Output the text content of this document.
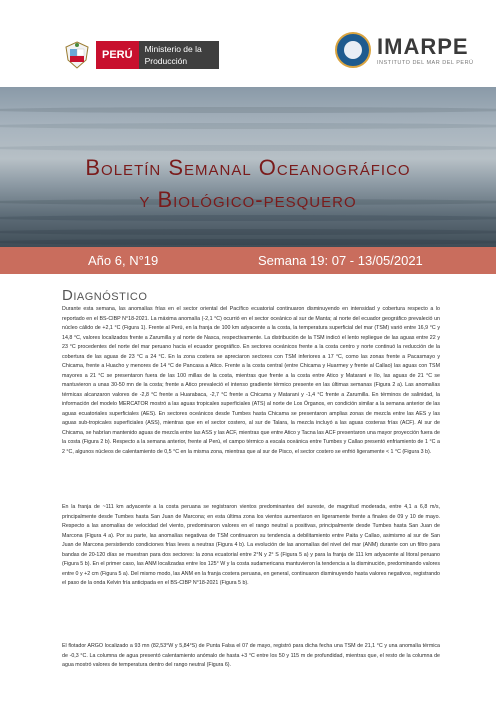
PERÚ	Ministerio de la Producción
IMARPE
INSTITUTO DEL MAR DEL PERÚ
Boletín Semanal Oceanográfico
y Biológico-pesquero
Año 6, N°19	Semana 19: 07 - 13/05/2021
Diagnóstico

Durante esta semana, las anomalías frías en el sector oriental del Pacífico ecuatorial continuaron disminuyendo en intensidad y cobertura respecto a lo reportado en el BS-CIBP N°18-2021. La máxima anomalía (-2,1 °C) ocurrió en el sector oceánico al sur de Manta; al norte del ecuador geográfico prevaleció un núcleo cálido de +2,1 °C (Figura 1). Frente al Perú, en la franja de 100 km adyacente a la costa, la temperatura superficial del mar (TSM) varió entre 16,9 °C y 14,8 °C, valores localizados frente a Zarumilla y al norte de Nasca, respectivamente. La distribución de la TSM indicó el lento repliegue de las aguas entre 22 y 23 °C procedentes del norte del mar peruano hacia el ecuador geográfico. En sectores oceánicos frente a la costa centro y norte continuó la reducción de la cobertura de las aguas de 23 °C a 24 °C. En la zona costera se apreciaron sectores con TSM inferiores a 17 °C, como las zonas frente a Pacasmayo y Chicama, frente a Huacho y menores de 14 °C de Pancasa a Atico. Frente a la costa central (entre Chicama y Huarmey y frente al Callao) las aguas con TSM mayores a 21 °C se presentaron fuera de las 100 millas de la costa, mientras que frente a la costa entre Atico y Matarani e Ilo, las aguas de 21 °C se mantuvieron a unas 30-50 mn de la costa; frente a Atico prevaleció el intenso gradiente térmico presente en las últimas semanas (Figura 2 a). Las anomalías térmicas alcanzaron valores de -2,8 °C frente a Huarabaca, -2,7 °C frente a Chicama y Matarani y -1,4 °C frente a Zarumilla. En términos de salinidad, la información del modelo MERCATOR mostró a las aguas tropicales superficiales (ATS) al norte de Los Órganos, en condición similar a la semana anterior de las aguas ecuatoriales superficiales (AES). En sectores oceánicos desde Tumbes hasta Chicama se presentaron amplias zonas de mezcla entre las AES y las aguas sub-tropicales superficiales (ASS), mientras que en el sector costero, al sur de Talara, la mezcla incluyó a las aguas costeras frías (ACF). Al sur de Chicama, se habrían mantenido aguas de mezcla entre las ASS y las ACF, mientras que entre Atico y Tacna las ACF presentaron una mayor proyección fuera de la costa (Figura 2 b). Respecto a la semana anterior, frente al Perú, el campo térmico a escala oceánica entre Tumbes y Callao presentó enfriamiento de 1 °C a 2 °C, algunos núcleos de calentamiento de 0,5 °C en la misma zona, mientras que al sur de Pisco, el sector costero se enfrió ligeramente < 1 °C (Figura 3 b).

En la franja de ~111 km adyacente a la costa peruana se registraron vientos predominantes del sureste, de magnitud moderada, entre 4,1 a 6,8 m/s, principalmente desde Tumbes hasta San Juan de Marcona; en esta última zona los vientos aumentaron en ligeramente frente a finales de 09 y 10 de mayo. Respecto a las anomalías de velocidad del viento, predominaron valores en el rango neutral a positivas, principalmente desde Tumbes hasta San Juan de Marcona (Figura 4 a). Por su parte, las anomalías negativas de TSM continuaron su tendencia a debilitamiento entre Paita y Callao, asimismo al sur de San Juan de Marcona persistiendo condiciones frías leves a neutras (Figura 4 b). La evolución de las anomalías del nivel del mar (ANM) durante con un filtro para bandas de 20-120 días se muestran para dos sectores: la zona ecuatorial entre 2°N y 2° S (Figura 5 a) y para la franja de 111 km adyacente al litoral peruano (Figura 5 b). En el primer caso, las ANM localizadas entre los 125° W y la costa sudamericana mantuvieron la tendencia a la disminución, predominando valores entre 0 y +2 cm (Figura 5 a). Del mismo modo, las ANM en la franja costera peruana, en general, continuaron disminuyendo hasta valores negativos, registrando el paso de la onda Kelvin fría anticipada en el BS-CIBP N°18-2021 (Figura 5 b).

El flotador ARGO localizado a 93 mn (82,53°W y 5,84°S) de Punta Falsa el 07 de mayo, registró para dicha fecha una TSM de 21,1 °C y una anomalía térmica de -0,3 °C. La columna de agua presentó calentamiento anómalo de hasta +3 °C entre los 50 y 115 m de profundidad, mientras que, el resto de la columna de agua mostró valores de temperatura dentro del rango neutral (Figura 6).
